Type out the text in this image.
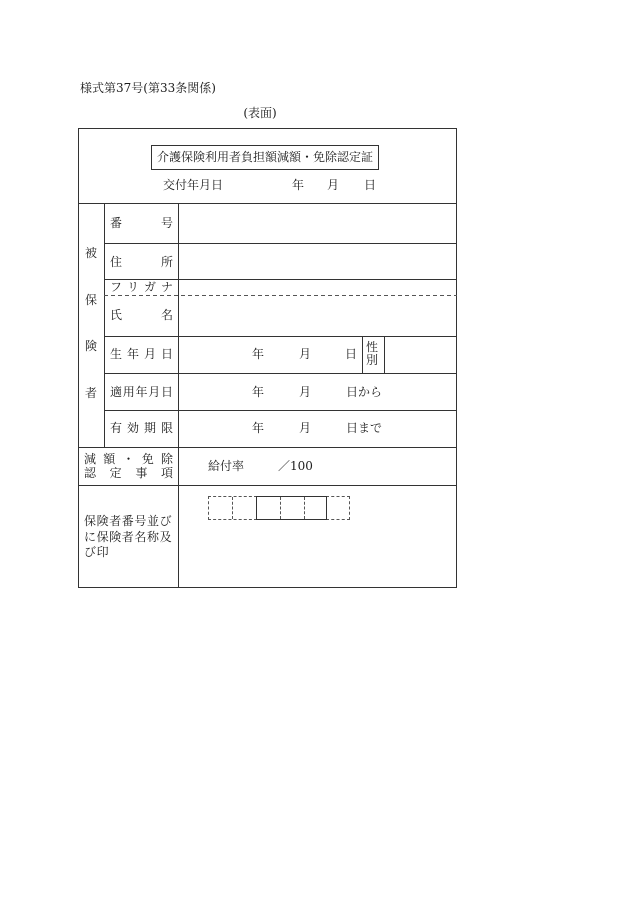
様式第37号(第33条関係)
(表面)
介護保険利用者負担額減額・免除認定証
交付年月日	年 月 日
被
保
険
者
番	号
住	所
フ リ ガ ナ
氏	名
生 年 月 日	年	月	日 性別
適 用 年 月 日	年	月	日から
有 効 期 限	年	月	日まで
減 額 ・ 免 除
認 定 事 項	給付率	／100
保険者番号並び
に保険者名称及
び印
